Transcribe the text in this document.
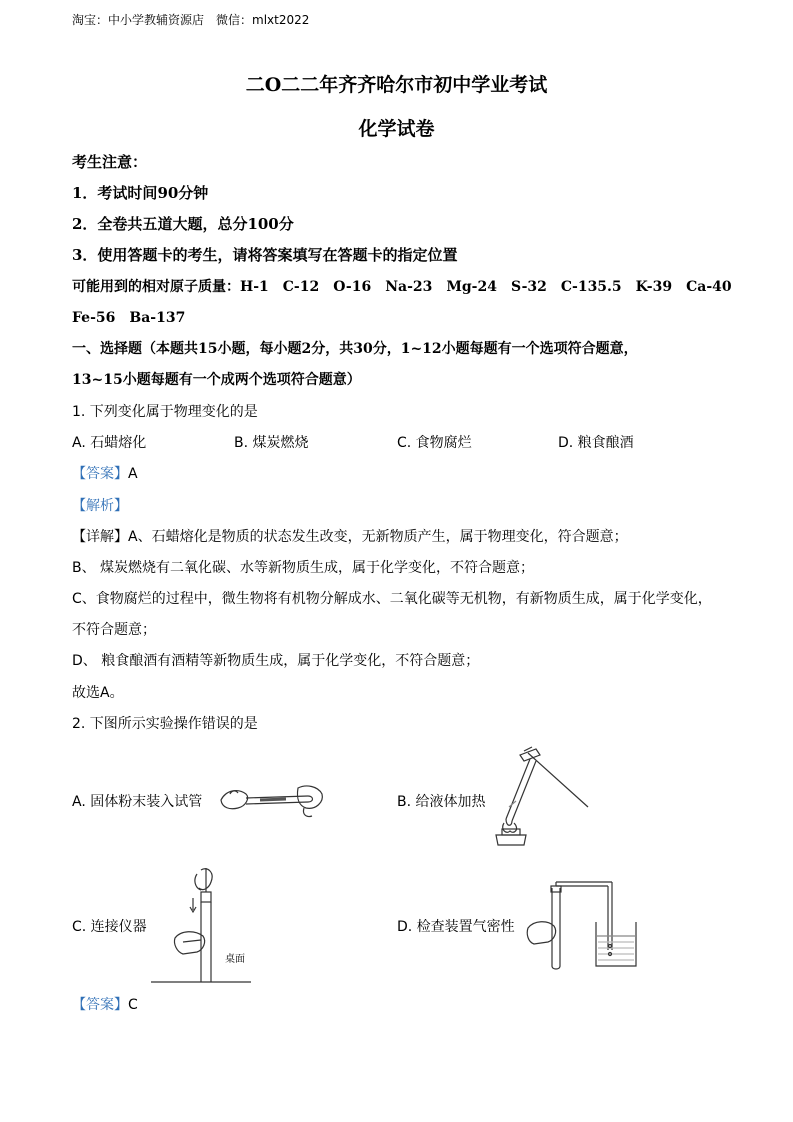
淘宝：中小学教辅资源店　微信：mlxt2022
二O二二年齐齐哈尔市初中学业考试
化学试卷
考生注意：
1．考试时间90分钟
2．全卷共五道大题，总分100分
3．使用答题卡的考生，请将答案填写在答题卡的指定位置
可能用到的相对原子质量：H-1　C-12　O-16　Na-23　Mg-24　S-32　C-135.5　K-39　Ca-40
Fe-56　Ba-137
一、选择题（本题共15小题，每小题2分，共30分，1~12小题每题有一个选项符合题意，
13~15小题每题有一个成两个选项符合题意）
1. 下列变化属于物理变化的是
A. 石蜡熔化	B. 煤炭燃烧	C. 食物腐烂	D. 粮食酿酒
【答案】A
【解析】
【详解】A、石蜡熔化是物质的状态发生改变，无新物质产生，属于物理变化，符合题意；
B、 煤炭燃烧有二氧化碳、水等新物质生成，属于化学变化，不符合题意；
C、食物腐烂的过程中，微生物将有机物分解成水、二氧化碳等无机物，有新物质生成，属于化学变化，
不符合题意；
D、 粮食酿酒有酒精等新物质生成，属于化学变化，不符合题意；
故选A。
2. 下图所示实验操作错误的是
A. 固体粉末装入试管	B. 给液体加热
C. 连接仪器	D. 检查装置气密性
桌面
【答案】C
